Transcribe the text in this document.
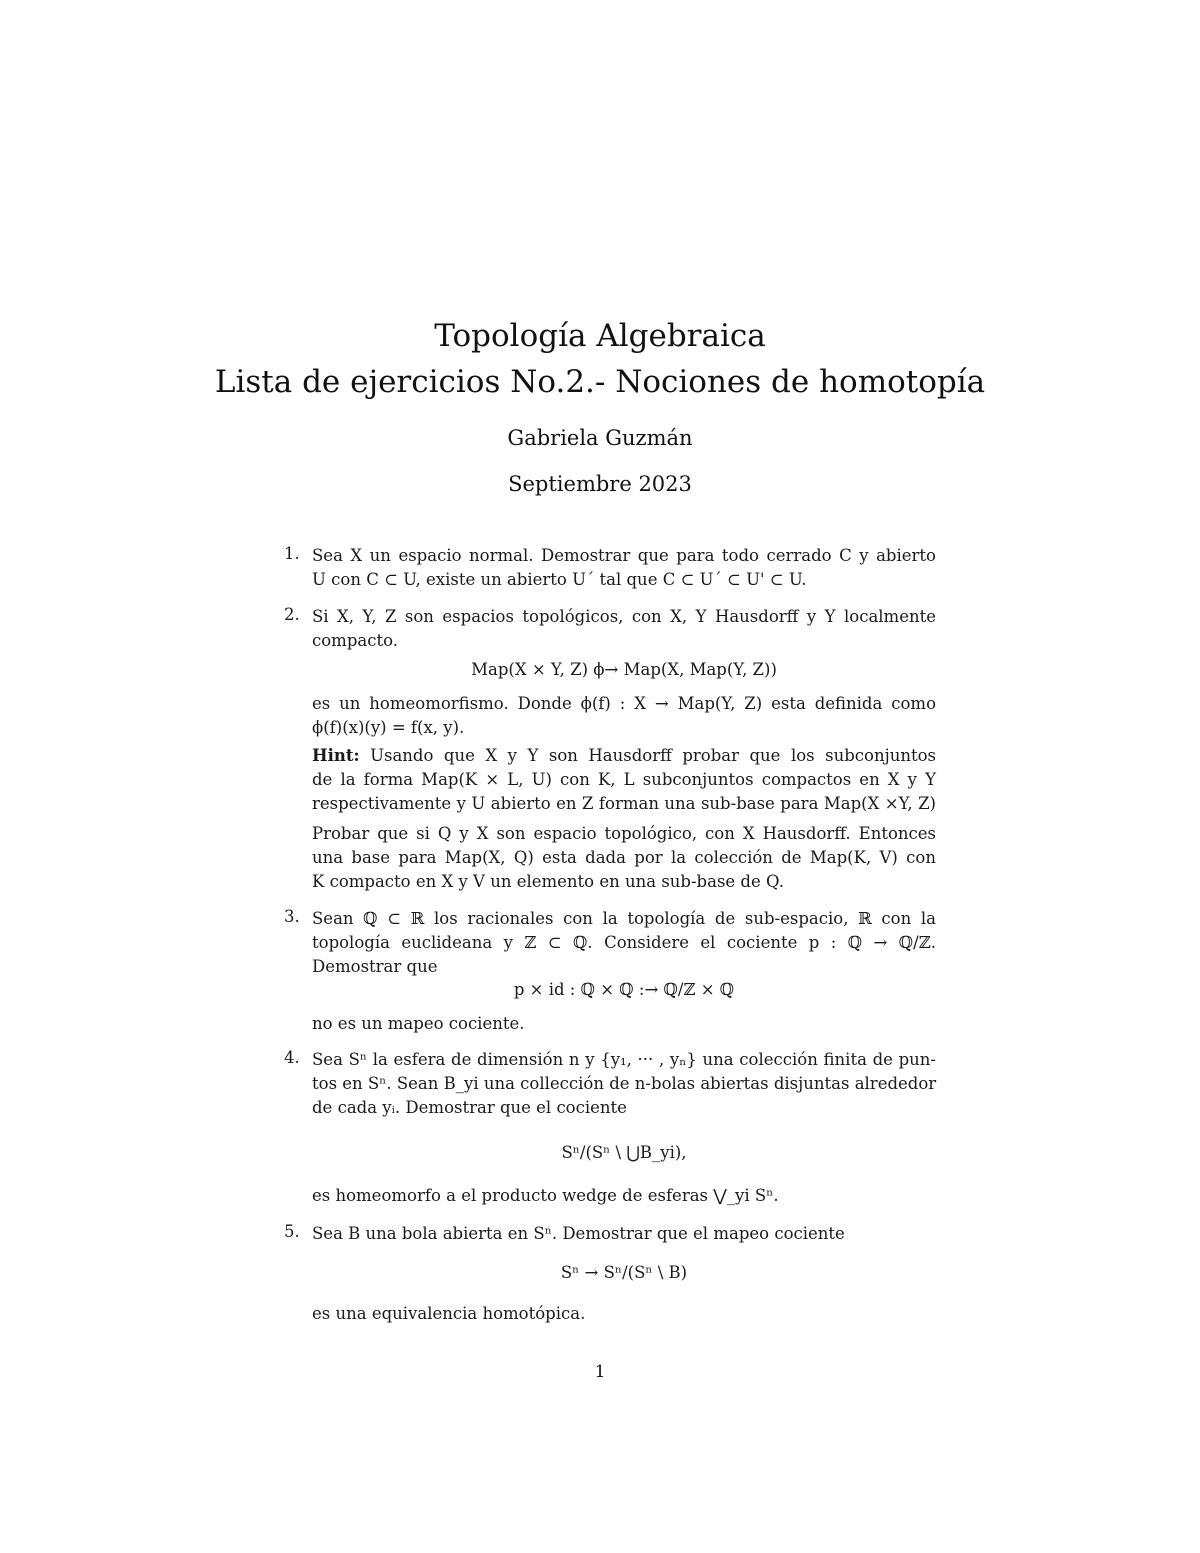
Topología Algebraica
Lista de ejercicios No.2.- Nociones de homotopía
Gabriela Guzmán
Septiembre 2023
1. Sea X un espacio normal. Demostrar que para todo cerrado C y abierto
U con C ⊂ U, existe un abierto U´ tal que C ⊂ U´ ⊂ U' ⊂ U.
2. Si X, Y, Z son espacios topológicos, con X, Y Hausdorff y Y localmente
compacto.
Map(X × Y, Z) ϕ→ Map(X, Map(Y, Z))
es un homeomorfismo. Donde ϕ(f) : X → Map(Y, Z) esta definida como
ϕ(f)(x)(y) = f(x, y).
Hint: Usando que X y Y son Hausdorff probar que los subconjuntos
de la forma Map(K × L, U) con K, L subconjuntos compactos en X y Y
respectivamente y U abierto en Z forman una sub-base para Map(X ×Y, Z)
Probar que si Q y X son espacio topológico, con X Hausdorff. Entonces
una base para Map(X, Q) esta dada por la colección de Map(K, V) con
K compacto en X y V un elemento en una sub-base de Q.
3. Sean ℚ ⊂ ℝ los racionales con la topología de sub-espacio, ℝ con la
topología euclideana y ℤ ⊂ ℚ. Considere el cociente p : ℚ → ℚ/ℤ.
Demostrar que
p × id : ℚ × ℚ :→ ℚ/ℤ × ℚ
no es un mapeo cociente.
4. Sea Sⁿ la esfera de dimensión n y {y₁, ··· , yₙ} una colección finita de pun-
tos en Sⁿ. Sean B_yi una collección de n-bolas abiertas disjuntas alrededor
de cada yᵢ. Demostrar que el cociente
Sⁿ/(Sⁿ \ ⋃B_yi),
es homeomorfo a el producto wedge de esferas ⋁_yi Sⁿ.
5. Sea B una bola abierta en Sⁿ. Demostrar que el mapeo cociente
Sⁿ → Sⁿ/(Sⁿ \ B)
es una equivalencia homotópica.
1
